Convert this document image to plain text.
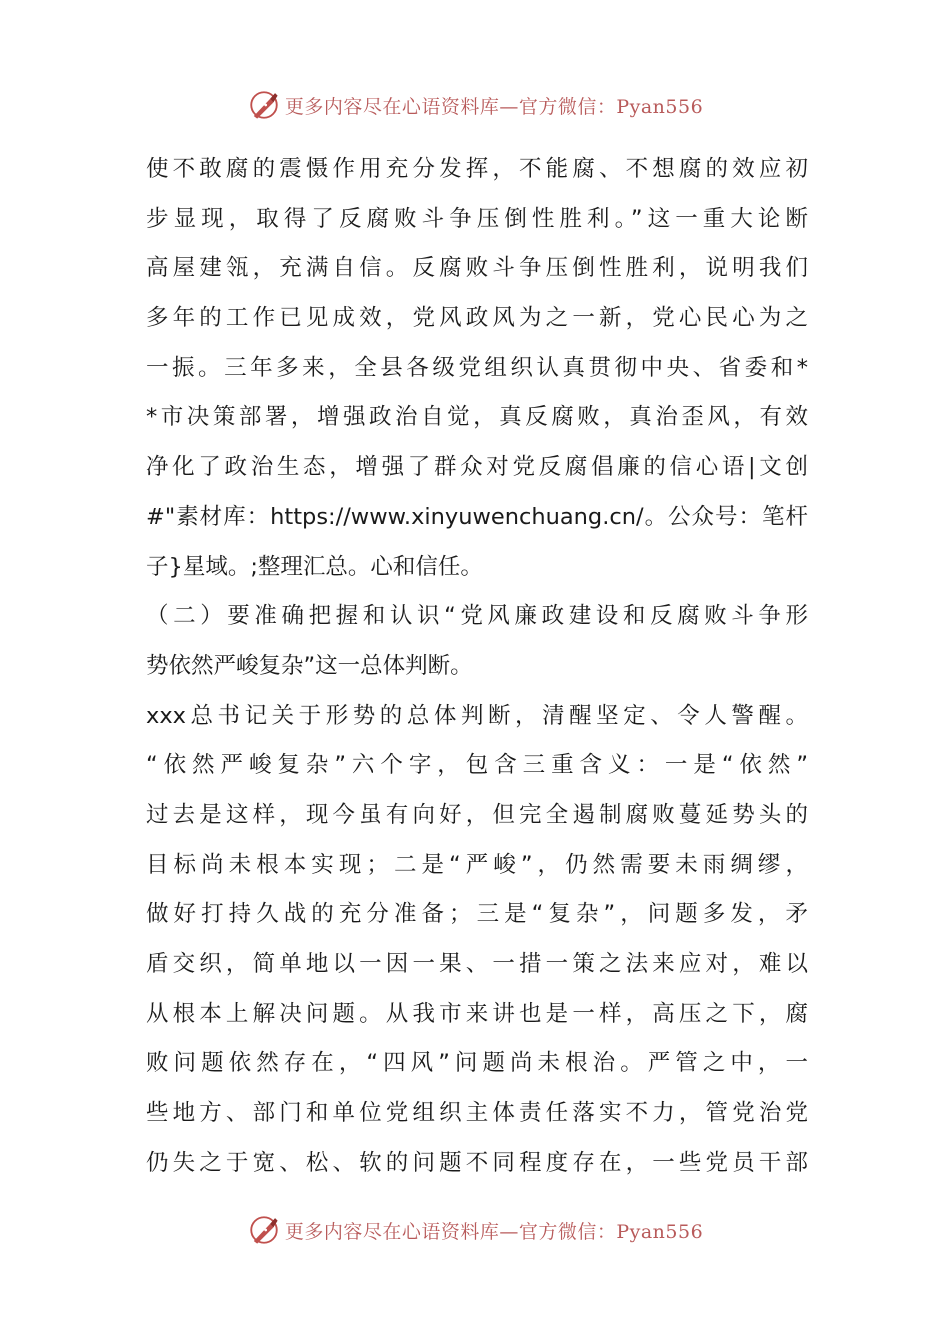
更多内容尽在心语资料库—官方微信：Pyan556
使不敢腐的震慑作用充分发挥，不能腐、不想腐的效应初
步显现，取得了反腐败斗争压倒性胜利。”这一重大论断
高屋建瓴，充满自信。反腐败斗争压倒性胜利，说明我们
多年的工作已见成效，党风政风为之一新，党心民心为之
一振。三年多来，全县各级党组织认真贯彻中央、省委和*
*市决策部署，增强政治自觉，真反腐败，真治歪风，有效
净化了政治生态，增强了群众对党反腐倡廉的信心语|文创
#"素材库：https://www.xinyuwenchuang.cn/。公众号：笔杆
子}星域。;整理汇总。心和信任。
（二）要准确把握和认识“党风廉政建设和反腐败斗争形
势依然严峻复杂”这一总体判断。
xxx总书记关于形势的总体判断，清醒坚定、令人警醒。
“依然严峻复杂”六个字，包含三重含义：一是“依然”
过去是这样，现今虽有向好，但完全遏制腐败蔓延势头的
目标尚未根本实现；二是“严峻”，仍然需要未雨绸缪，
做好打持久战的充分准备；三是“复杂”，问题多发，矛
盾交织，简单地以一因一果、一措一策之法来应对，难以
从根本上解决问题。从我市来讲也是一样，高压之下，腐
败问题依然存在，“四风”问题尚未根治。严管之中，一
些地方、部门和单位党组织主体责任落实不力，管党治党
仍失之于宽、松、软的问题不同程度存在，一些党员干部
更多内容尽在心语资料库—官方微信：Pyan556
